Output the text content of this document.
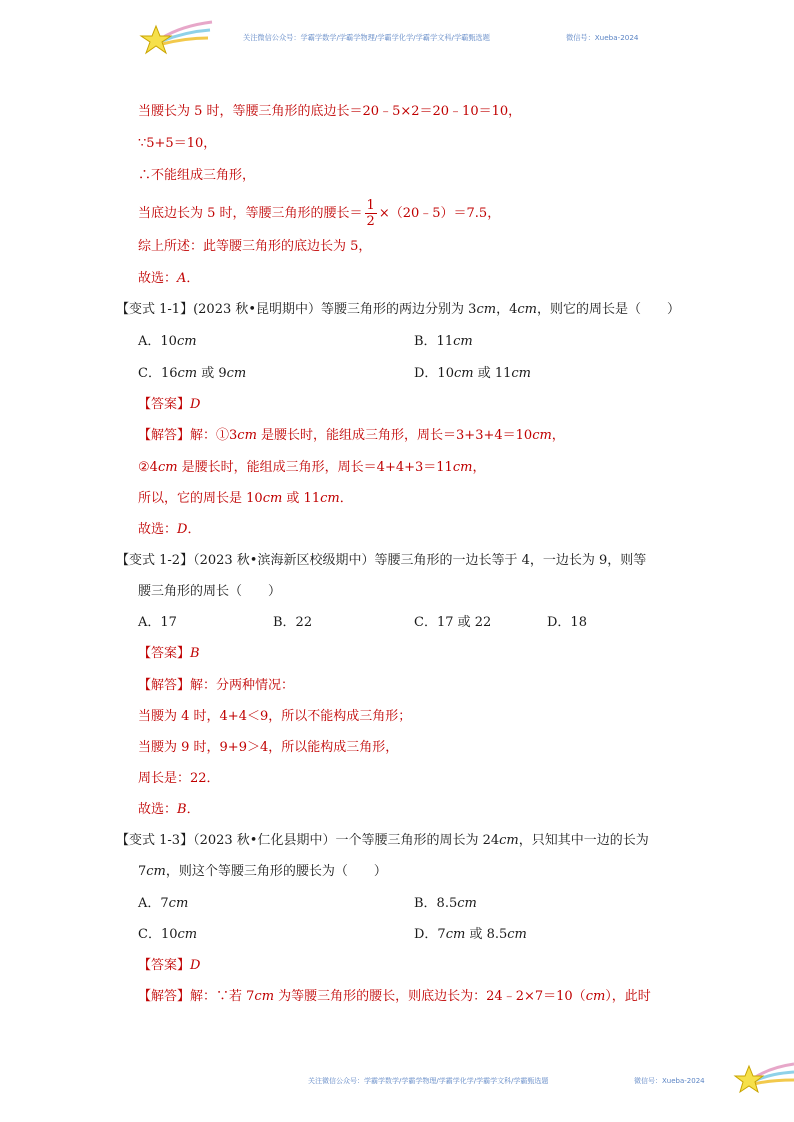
关注微信公众号：学霸学数学/学霸学物理/学霸学化学/学霸学文科/学霸甄选题	微信号：Xueba-2024
当腰长为 5 时，等腰三角形的底边长＝20﹣5×2＝20﹣10＝10，
∵5+5＝10，
∴不能组成三角形，
当底边长为 5 时，等腰三角形的腰长＝ $\frac{1}{2}$ ×（20﹣5）＝7.5，
综上所述：此等腰三角形的底边长为 5，
故选：A．
【变式 1-1】(2023 秋•昆明期中）等腰三角形的两边分别为 3cm，4cm，则它的周长是（　　）
A．10cm	B．11cm
C．16cm 或 9cm	D．10cm 或 11cm
【答案】D
【解答】解：①3cm 是腰长时，能组成三角形，周长＝3+3+4＝10cm，
②4cm 是腰长时，能组成三角形，周长＝4+4+3＝11cm，
所以，它的周长是 10cm 或 11cm．
故选：D．
【变式 1-2】（2023 秋•滨海新区校级期中）等腰三角形的一边长等于 4，一边长为 9，则等
腰三角形的周长（　　）
A．17	B．22	C．17 或 22	D．18
【答案】B
【解答】解：分两种情况：
当腰为 4 时，4+4＜9，所以不能构成三角形；
当腰为 9 时，9+9＞4，所以能构成三角形，
周长是：22．
故选：B．
【变式 1-3】（2023 秋•仁化县期中）一个等腰三角形的周长为 24cm，只知其中一边的长为
7cm，则这个等腰三角形的腰长为（　　）
A．7cm	B．8.5cm
C．10cm	D．7cm 或 8.5cm
【答案】D
【解答】解：∵若 7cm 为等腰三角形的腰长，则底边长为：24﹣2×7＝10（cm），此时
关注微信公众号：学霸学数学/学霸学物理/学霸学化学/学霸学文科/学霸甄选题	微信号：Xueba-2024
